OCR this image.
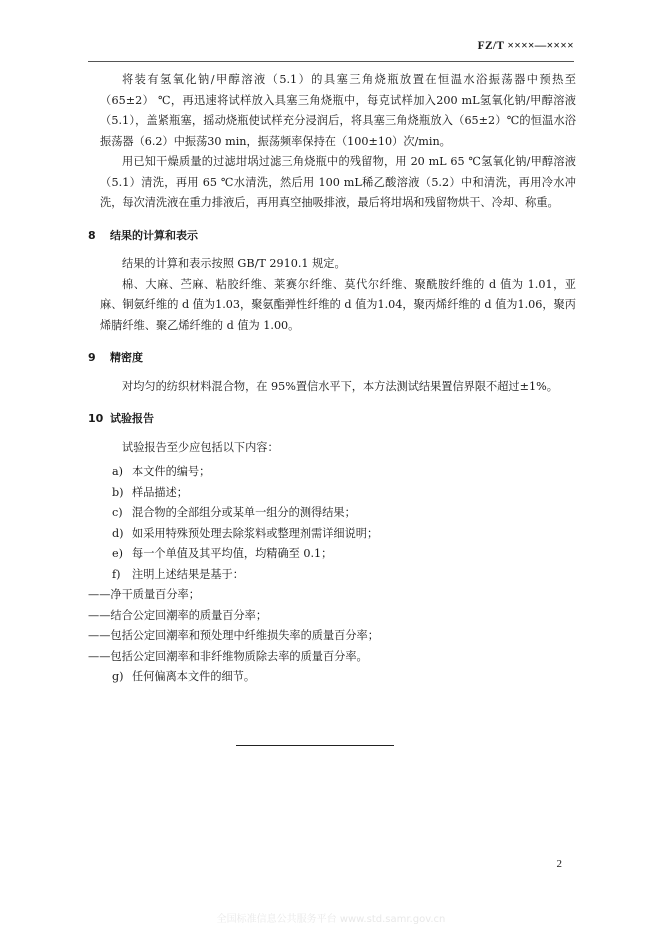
FZ/T ××××—××××

将装有氢氧化钠/甲醇溶液（5.1）的具塞三角烧瓶放置在恒温水浴振荡器中预热至（65±2） ℃，再迅速将试样放入具塞三角烧瓶中，每克试样加入200 mL氢氧化钠/甲醇溶液（5.1），盖紧瓶塞，摇动烧瓶使试样充分浸润后，将具塞三角烧瓶放入（65±2）℃的恒温水浴振荡器（6.2）中振荡30 min，振荡频率保持在（100±10）次/min。

用已知干燥质量的过滤坩埚过滤三角烧瓶中的残留物，用 20 mL 65 ℃氢氧化钠/甲醇溶液（5.1）清洗，再用 65 ℃水清洗，然后用 100 mL稀乙酸溶液（5.2）中和清洗，再用冷水冲洗，每次清洗液在重力排液后，再用真空抽吸排液，最后将坩埚和残留物烘干、冷却、称重。

8 结果的计算和表示

结果的计算和表示按照 GB/T 2910.1 规定。

棉、大麻、苎麻、粘胶纤维、莱赛尔纤维、莫代尔纤维、聚酰胺纤维的 d 值为 1.01，亚麻、铜氨纤维的 d 值为1.03，聚氨酯弹性纤维的 d 值为1.04，聚丙烯纤维的 d 值为1.06，聚丙烯腈纤维、聚乙烯纤维的 d 值为 1.00。

9 精密度

对均匀的纺织材料混合物，在 95%置信水平下，本方法测试结果置信界限不超过±1%。

10 试验报告

试验报告至少应包括以下内容：

a) 本文件的编号；
b) 样品描述；
c) 混合物的全部组分或某单一组分的测得结果；
d) 如采用特殊预处理去除浆料或整理剂需详细说明；
e) 每一个单值及其平均值，均精确至 0.1；
f) 注明上述结果是基于：
——净干质量百分率；
——结合公定回潮率的质量百分率；
——包括公定回潮率和预处理中纤维损失率的质量百分率；
——包括公定回潮率和非纤维物质除去率的质量百分率。
g) 任何偏离本文件的细节。
2
全国标准信息公共服务平台 www.std.samr.gov.cn
